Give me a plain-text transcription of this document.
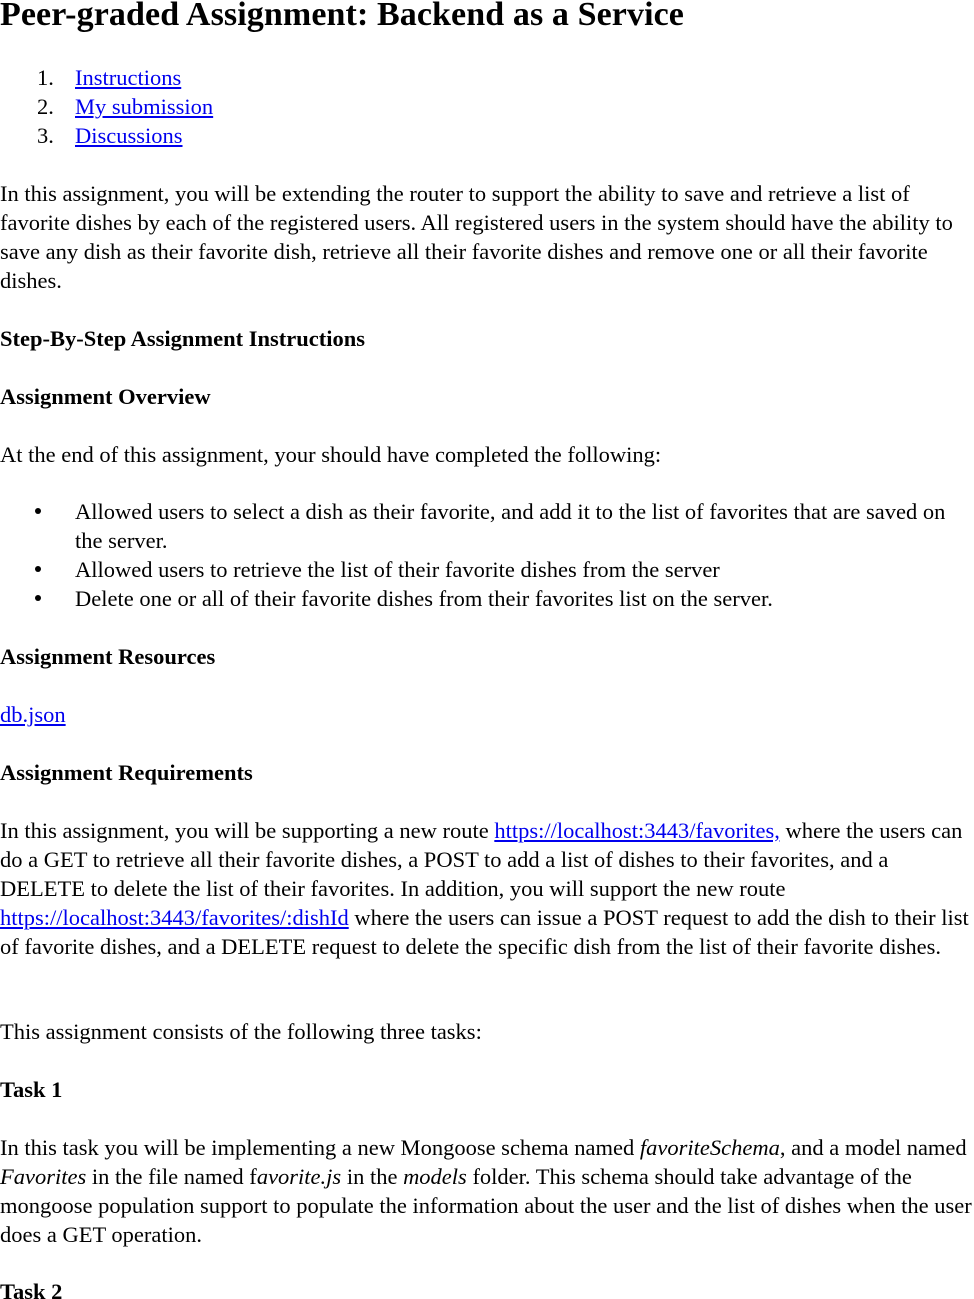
Peer-graded Assignment: Backend as a Service
1. Instructions
2. My submission
3. Discussions

In this assignment, you will be extending the router to support the ability to save and retrieve a list of favorite dishes by each of the registered users. All registered users in the system should have the ability to save any dish as their favorite dish, retrieve all their favorite dishes and remove one or all their favorite dishes.

Step-By-Step Assignment Instructions

Assignment Overview

At the end of this assignment, your should have completed the following:

Allowed users to select a dish as their favorite, and add it to the list of favorites that are saved on the server.
Allowed users to retrieve the list of their favorite dishes from the server
Delete one or all of their favorite dishes from their favorites list on the server.

Assignment Resources

db.json

Assignment Requirements

In this assignment, you will be supporting a new route https://localhost:3443/favorites, where the users can do a GET to retrieve all their favorite dishes, a POST to add a list of dishes to their favorites, and a DELETE to delete the list of their favorites. In addition, you will support the new route https://localhost:3443/favorites/:dishId where the users can issue a POST request to add the dish to their list of favorite dishes, and a DELETE request to delete the specific dish from the list of their favorite dishes.

This assignment consists of the following three tasks:

Task 1

In this task you will be implementing a new Mongoose schema named favoriteSchema, and a model named Favorites in the file named favorite.js in the models folder. This schema should take advantage of the mongoose population support to populate the information about the user and the list of dishes when the user does a GET operation.

Task 2
